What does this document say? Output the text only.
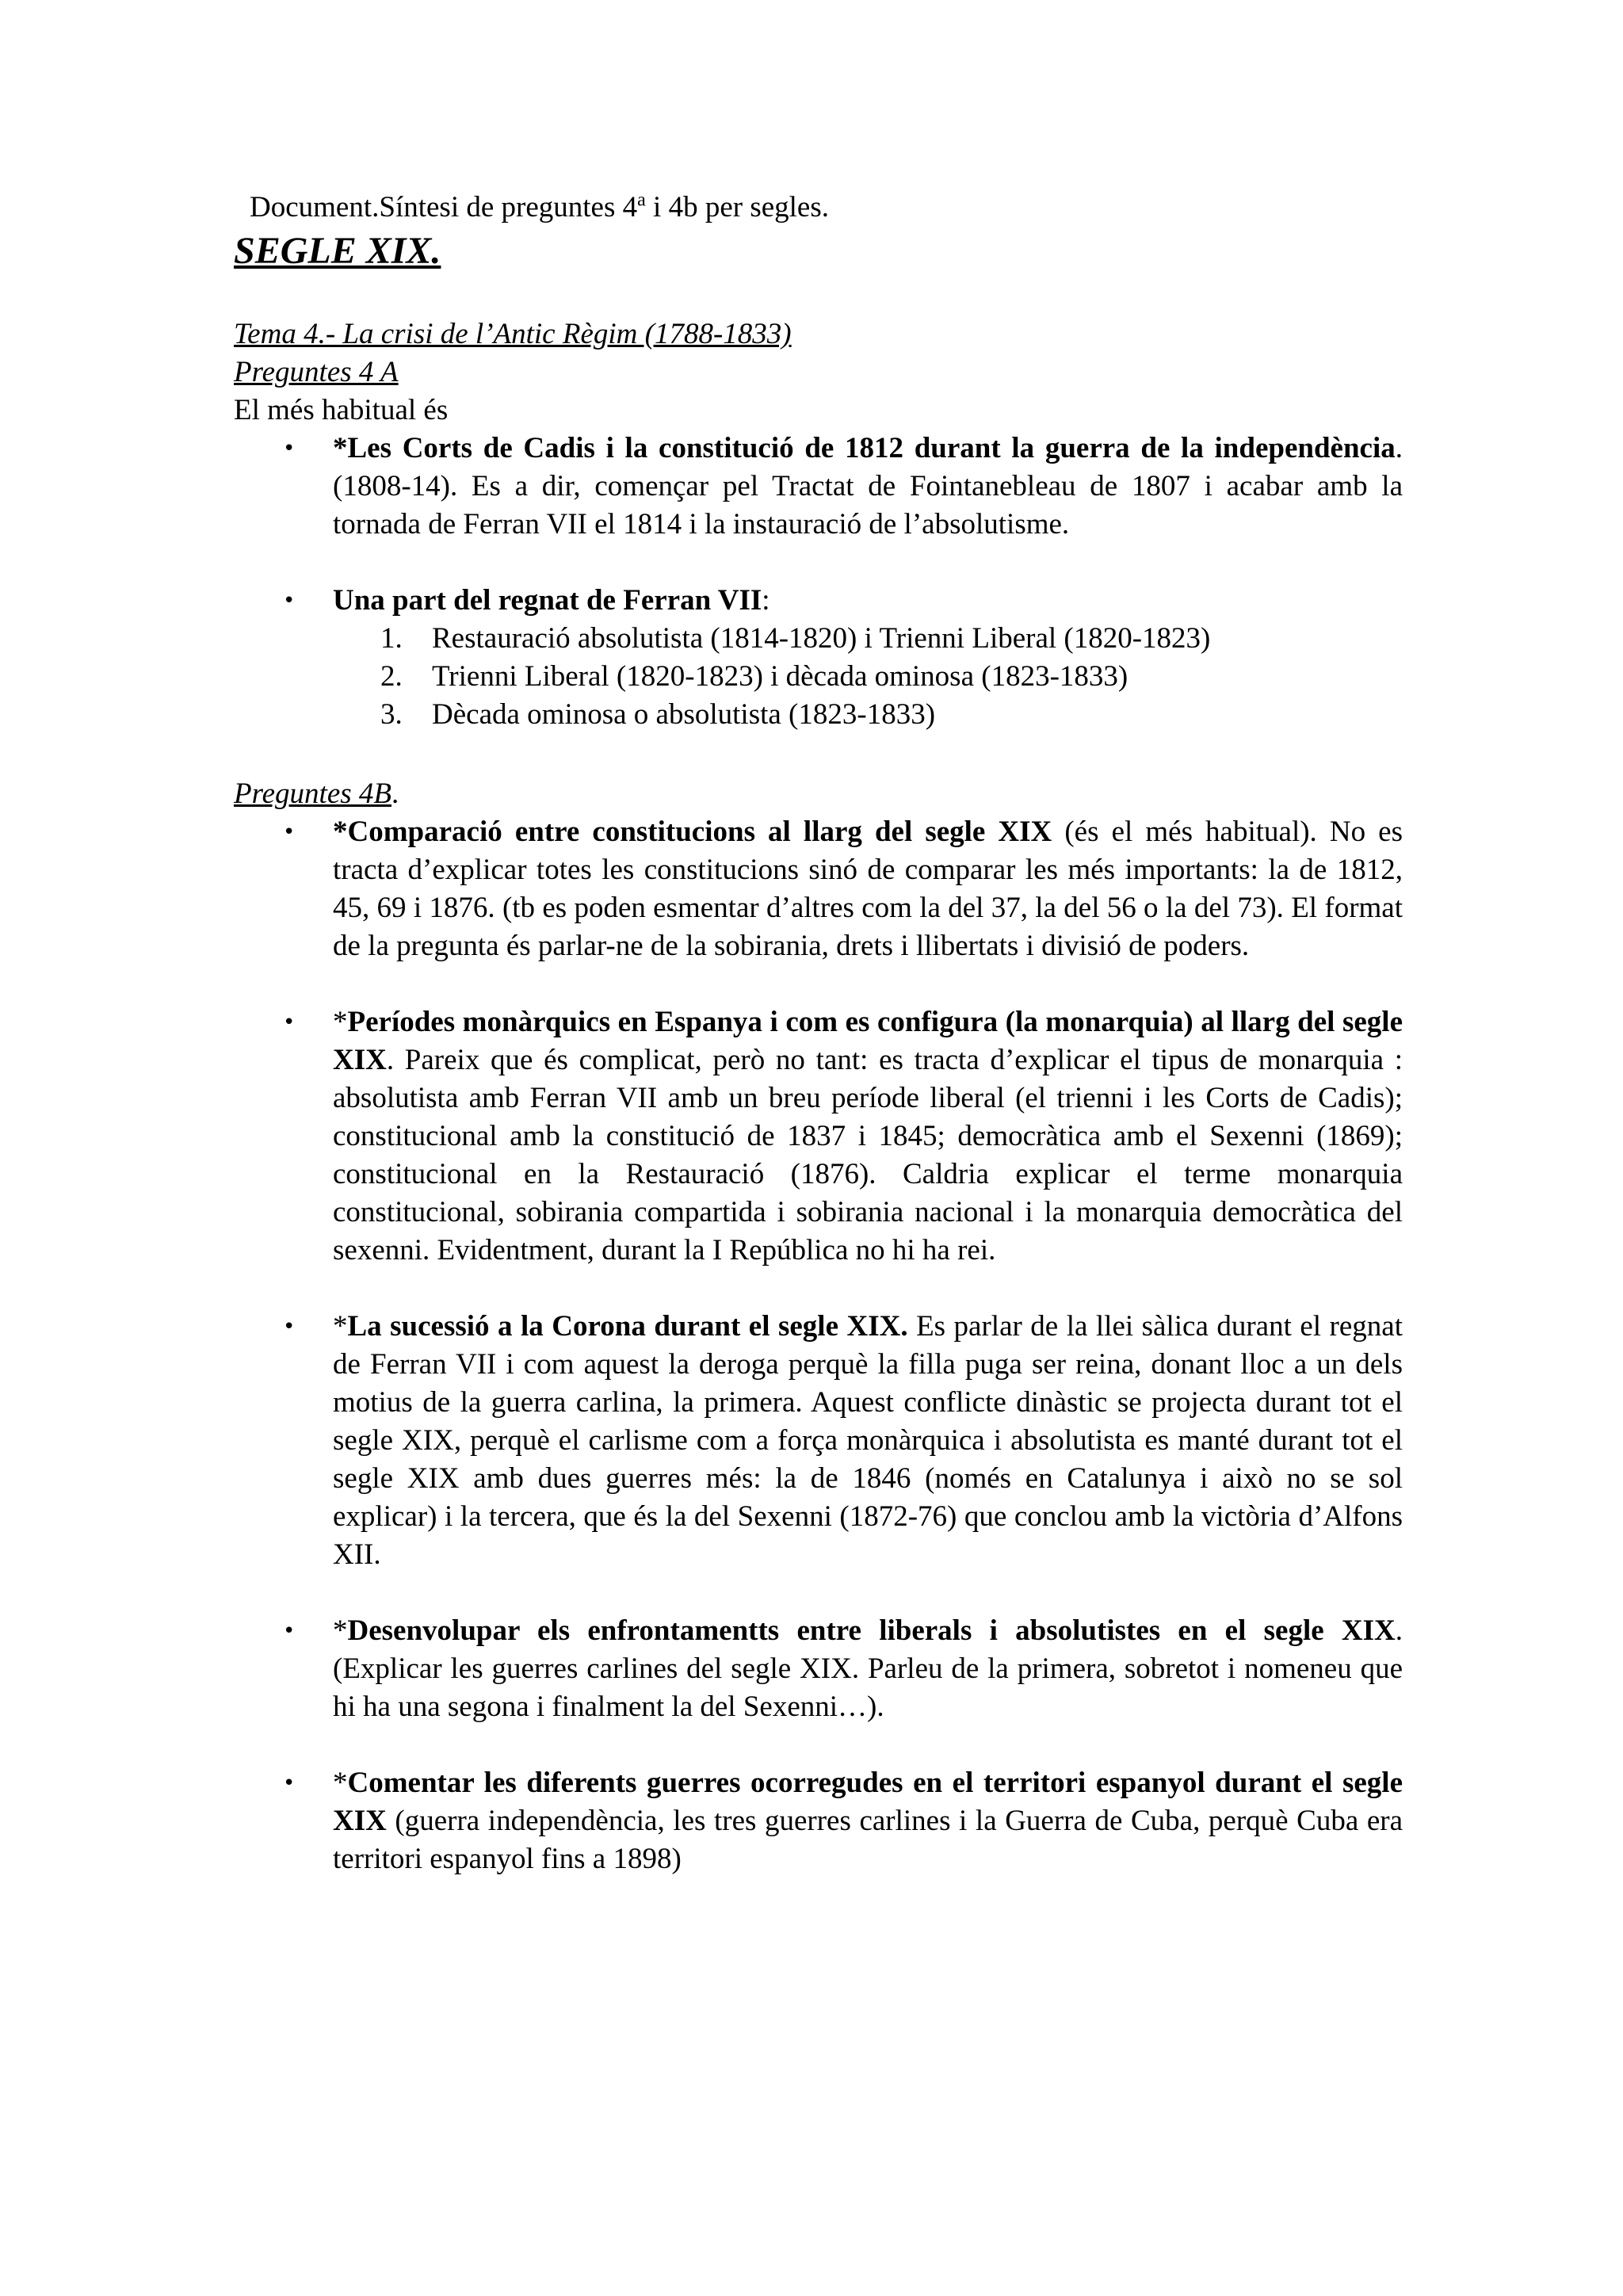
Document.Síntesi de preguntes 4$^a$ i 4b per segles.
SEGLE XIX.
Tema 4.- La crisi de l’Antic Règim (1788-1833)
Preguntes 4 A
El més habitual és
• *Les Corts de Cadis i la constitució de 1812 durant la guerra de la independència. (1808-14). Es a dir, començar pel Tractat de Fointanebleau de 1807 i acabar amb la tornada de Ferran VII el 1814 i la instauració de l’absolutisme.
• Una part del regnat de Ferran VII:
1. Restauració absolutista (1814-1820) i Trienni Liberal (1820-1823)
2. Trienni Liberal (1820-1823) i dècada ominosa (1823-1833)
3. Dècada ominosa o absolutista (1823-1833)
Preguntes 4B.
• *Comparació entre constitucions al llarg del segle XIX (és el més habitual). No es tracta d’explicar totes les constitucions sinó de comparar les més importants: la de 1812, 45, 69 i 1876. (tb es poden esmentar d’altres com la del 37, la del 56 o la del 73). El format de la pregunta és parlar-ne de la sobirania, drets i llibertats i divisió de poders.
• *Períodes monàrquics en Espanya i com es configura (la monarquia) al llarg del segle XIX. Pareix que és complicat, però no tant: es tracta d’explicar el tipus de monarquia : absolutista amb Ferran VII amb un breu període liberal (el trienni i les Corts de Cadis); constitucional amb la constitució de 1837 i 1845; democràtica amb el Sexenni (1869); constitucional en la Restauració (1876). Caldria explicar el terme monarquia constitucional, sobirania compartida i sobirania nacional i la monarquia democràtica del sexenni. Evidentment, durant la I República no hi ha rei.
• *La sucessió a la Corona durant el segle XIX. Es parlar de la llei sàlica durant el regnat de Ferran VII i com aquest la deroga perquè la filla puga ser reina, donant lloc a un dels motius de la guerra carlina, la primera. Aquest conflicte dinàstic se projecta durant tot el segle XIX, perquè el carlisme com a força monàrquica i absolutista es manté durant tot el segle XIX amb dues guerres més: la de 1846 (només en Catalunya i això no se sol explicar) i la tercera, que és la del Sexenni (1872-76) que conclou amb la victòria d’Alfons XII.
• *Desenvolupar els enfrontamentts entre liberals i absolutistes en el segle XIX. (Explicar les guerres carlines del segle XIX. Parleu de la primera, sobretot i nomeneu que hi ha una segona i finalment la del Sexenni…).
• *Comentar les diferents guerres ocorregudes en el territori espanyol durant el segle XIX (guerra independència, les tres guerres carlines i la Guerra de Cuba, perquè Cuba era territori espanyol fins a 1898)
